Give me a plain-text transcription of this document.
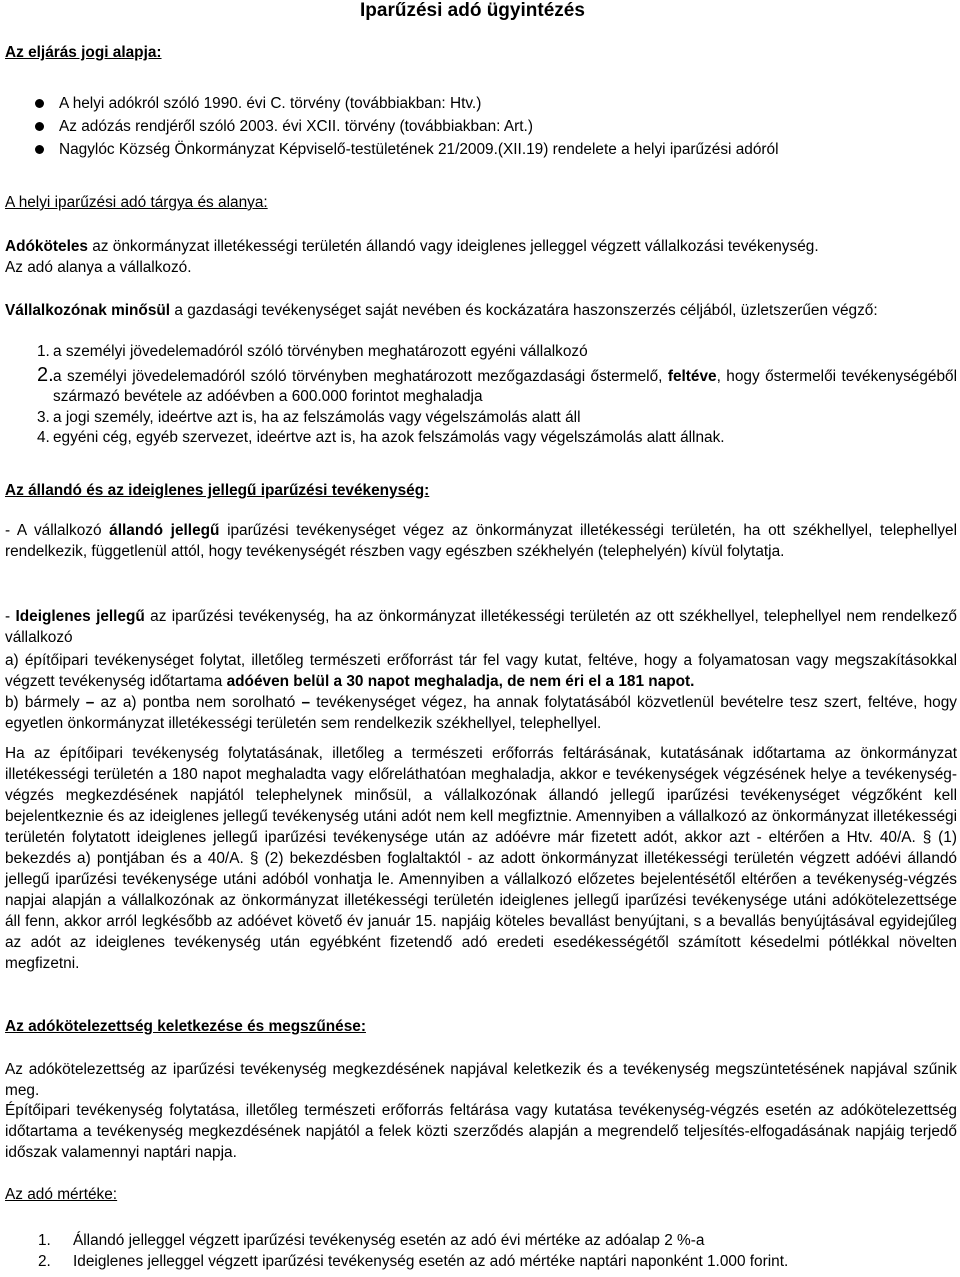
Iparűzési adó ügyintézés

Az eljárás jogi alapja:

A helyi adókról szóló 1990. évi C. törvény (továbbiakban: Htv.)
Az adózás rendjéről szóló 2003. évi XCII. törvény (továbbiakban: Art.)
Nagylóc Község Önkormányzat Képviselő-testületének 21/2009.(XII.19) rendelete a helyi iparűzési adóról

A helyi iparűzési adó tárgya és alanya:

Adóköteles az önkormányzat illetékességi területén állandó vagy ideiglenes jelleggel végzett vállalkozási tevékenység.
Az adó alanya a vállalkozó.

Vállalkozónak minősül a gazdasági tevékenységet saját nevében és kockázatára haszonszerzés céljából, üzletszerűen végző:

1. a személyi jövedelemadóról szóló törvényben meghatározott egyéni vállalkozó
2. a személyi jövedelemadóról szóló törvényben meghatározott mezőgazdasági őstermelő, feltéve, hogy őstermelői tevékenységéből származó bevétele az adóévben a 600.000 forintot meghaladja
3. a jogi személy, ideértve azt is, ha az felszámolás vagy végelszámolás alatt áll
4. egyéni cég, egyéb szervezet, ideértve azt is, ha azok felszámolás vagy végelszámolás alatt állnak.

Az állandó és az ideiglenes jellegű iparűzési tevékenység:

- A vállalkozó állandó jellegű iparűzési tevékenységet végez az önkormányzat illetékességi területén, ha ott székhellyel, telephellyel rendelkezik, függetlenül attól, hogy tevékenységét részben vagy egészben székhelyén (telephelyén) kívül folytatja.

- Ideiglenes jellegű az iparűzési tevékenység, ha az önkormányzat illetékességi területén az ott székhellyel, telephellyel nem rendelkező vállalkozó

a) építőipari tevékenységet folytat, illetőleg természeti erőforrást tár fel vagy kutat, feltéve, hogy a folyamatosan vagy megszakításokkal végzett tevékenység időtartama adóéven belül a 30 napot meghaladja, de nem éri el a 181 napot.

b) bármely – az a) pontba nem sorolható – tevékenységet végez, ha annak folytatásából közvetlenül bevételre tesz szert, feltéve, hogy egyetlen önkormányzat illetékességi területén sem rendelkezik székhellyel, telephellyel.

Ha az építőipari tevékenység folytatásának, illetőleg a természeti erőforrás feltárásának, kutatásának időtartama az önkormányzat illetékességi területén a 180 napot meghaladta vagy előreláthatóan meghaladja, akkor e tevékenységek végzésének helye a tevékenység-végzés megkezdésének napjától telephelynek minősül, a vállalkozónak állandó jellegű iparűzési tevékenységet végzőként kell bejelentkeznie és az ideiglenes jellegű tevékenység utáni adót nem kell megfiztnie. Amennyiben a vállalkozó az önkormányzat illetékességi területén folytatott ideiglenes jellegű iparűzési tevékenysége után az adóévre már fizetett adót, akkor azt - eltérően a Htv. 40/A. § (1) bekezdés a) pontjában és a 40/A. § (2) bekezdésben foglaltaktól - az adott önkormányzat illetékességi területén végzett adóévi állandó jellegű iparűzési tevékenysége utáni adóból vonhatja le. Amennyiben a vállalkozó előzetes bejelentésétől eltérően a tevékenység-végzés napjai alapján a vállalkozónak az önkormányzat illetékességi területén ideiglenes jellegű iparűzési tevékenysége utáni adókötelezettsége áll fenn, akkor arról legkésőbb az adóévet követő év január 15. napjáig köteles bevallást benyújtani, s a bevallás benyújtásával egyidejűleg az adót az ideiglenes tevékenység után egyébként fizetendő adó eredeti esedékességétől számított késedelmi pótlékkal növelten megfizetni.

Az adókötelezettség keletkezése és megszűnése:

Az adókötelezettség az iparűzési tevékenység megkezdésének napjával keletkezik és a tevékenység megszüntetésének napjával szűnik meg.

Építőipari tevékenység folytatása, illetőleg természeti erőforrás feltárása vagy kutatása tevékenység-végzés esetén az adókötelezettség időtartama a tevékenység megkezdésének napjától a felek közti szerződés alapján a megrendelő teljesítés-elfogadásának napjáig terjedő időszak valamennyi naptári napja.

Az adó mértéke:

1. Állandó jelleggel végzett iparűzési tevékenység esetén az adó évi mértéke az adóalap 2 %-a
2. Ideiglenes jelleggel végzett iparűzési tevékenység esetén az adó mértéke naptári naponként 1.000 forint.
